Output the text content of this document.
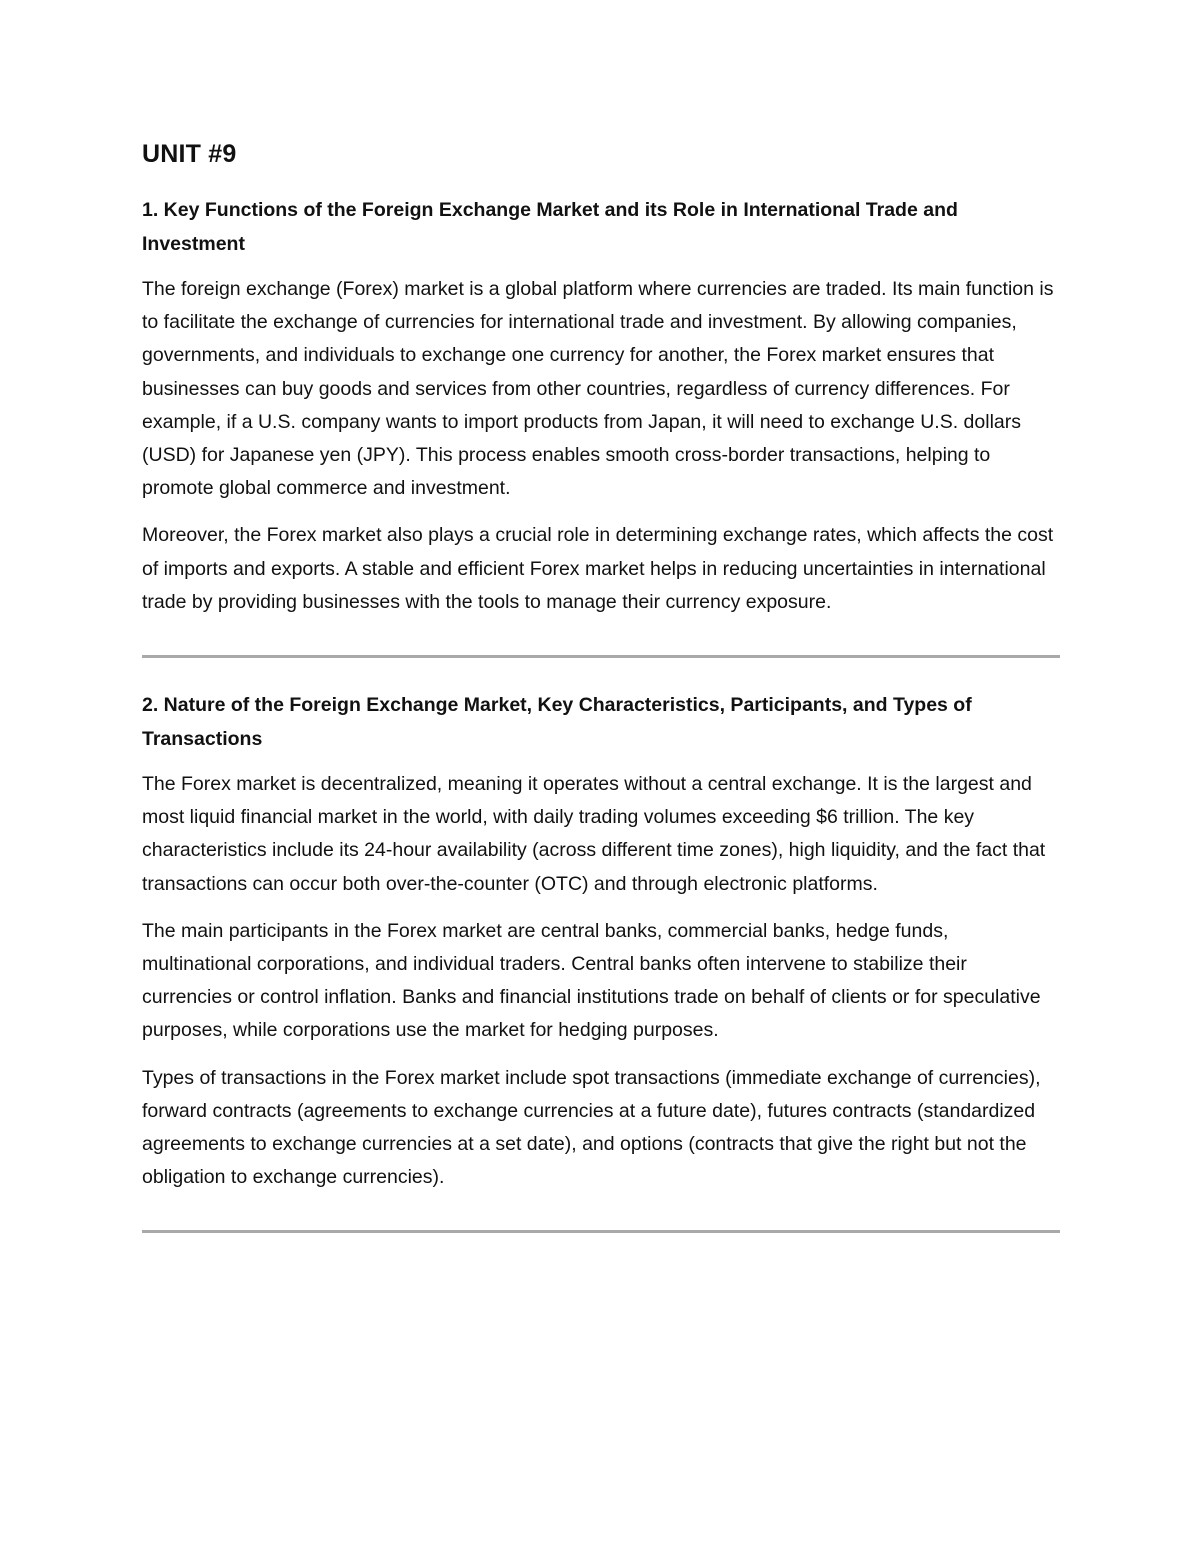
UNIT #9
1. Key Functions of the Foreign Exchange Market and its Role in International Trade and Investment

The foreign exchange (Forex) market is a global platform where currencies are traded. Its main function is to facilitate the exchange of currencies for international trade and investment. By allowing companies, governments, and individuals to exchange one currency for another, the Forex market ensures that businesses can buy goods and services from other countries, regardless of currency differences. For example, if a U.S. company wants to import products from Japan, it will need to exchange U.S. dollars (USD) for Japanese yen (JPY). This process enables smooth cross-border transactions, helping to promote global commerce and investment.

Moreover, the Forex market also plays a crucial role in determining exchange rates, which affects the cost of imports and exports. A stable and efficient Forex market helps in reducing uncertainties in international trade by providing businesses with the tools to manage their currency exposure.

2. Nature of the Foreign Exchange Market, Key Characteristics, Participants, and Types of Transactions

The Forex market is decentralized, meaning it operates without a central exchange. It is the largest and most liquid financial market in the world, with daily trading volumes exceeding $6 trillion. The key characteristics include its 24-hour availability (across different time zones), high liquidity, and the fact that transactions can occur both over-the-counter (OTC) and through electronic platforms.

The main participants in the Forex market are central banks, commercial banks, hedge funds, multinational corporations, and individual traders. Central banks often intervene to stabilize their currencies or control inflation. Banks and financial institutions trade on behalf of clients or for speculative purposes, while corporations use the market for hedging purposes.

Types of transactions in the Forex market include spot transactions (immediate exchange of currencies), forward contracts (agreements to exchange currencies at a future date), futures contracts (standardized agreements to exchange currencies at a set date), and options (contracts that give the right but not the obligation to exchange currencies).
